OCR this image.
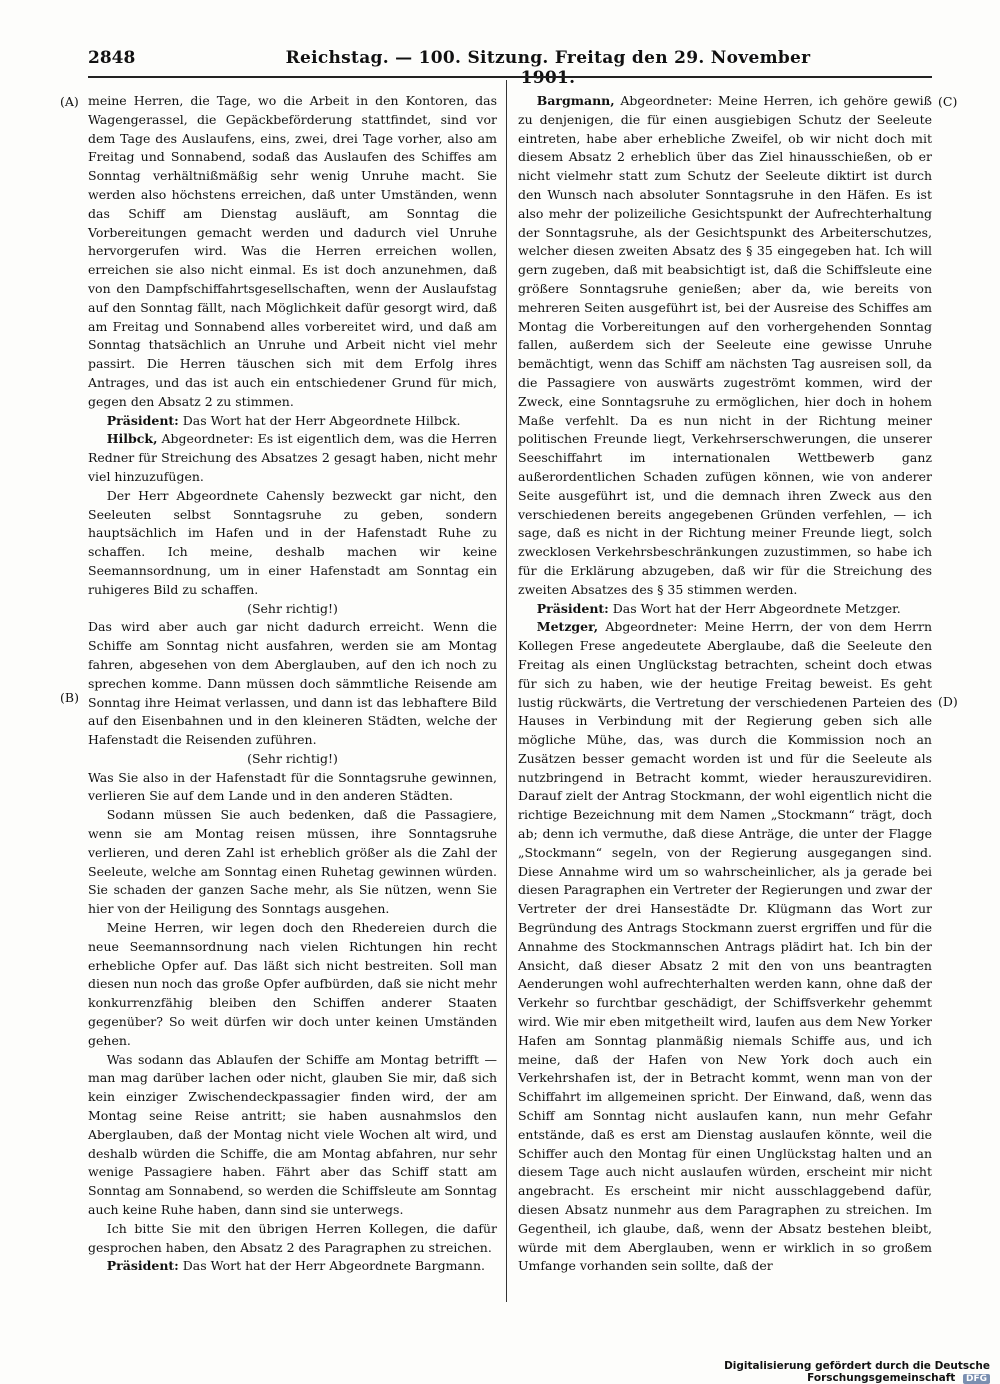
2848	Reichstag. — 100. Sitzung. Freitag den 29. November 1901.
(A)
(B)
(C)
(D)

meine Herren, die Tage, wo die Arbeit in den Kontoren, das Wagengerassel, die Gepäckbeförderung stattfindet, sind vor dem Tage des Auslaufens, eins, zwei, drei Tage vorher, also am Freitag und Sonnabend, sodaß das Auslaufen des Schiffes am Sonntag verhältnißmäßig sehr wenig Unruhe macht. Sie werden also höchstens erreichen, daß unter Umständen, wenn das Schiff am Dienstag ausläuft, am Sonntag die Vorbereitungen gemacht werden und dadurch viel Unruhe hervorgerufen wird. Was die Herren erreichen wollen, erreichen sie also nicht einmal. Es ist doch anzunehmen, daß von den Dampfschiffahrtsgesellschaften, wenn der Auslaufstag auf den Sonntag fällt, nach Möglichkeit dafür gesorgt wird, daß am Freitag und Sonnabend alles vorbereitet wird, und daß am Sonntag thatsächlich an Unruhe und Arbeit nicht viel mehr passirt. Die Herren täuschen sich mit dem Erfolg ihres Antrages, und das ist auch ein entschiedener Grund für mich, gegen den Absatz 2 zu stimmen.

Präsident: Das Wort hat der Herr Abgeordnete Hilbck.

Hilbck, Abgeordneter: Es ist eigentlich dem, was die Herren Redner für Streichung des Absatzes 2 gesagt haben, nicht mehr viel hinzuzufügen.

Der Herr Abgeordnete Cahensly bezweckt gar nicht, den Seeleuten selbst Sonntagsruhe zu geben, sondern hauptsächlich im Hafen und in der Hafenstadt Ruhe zu schaffen. Ich meine, deshalb machen wir keine Seemannsordnung, um in einer Hafenstadt am Sonntag ein ruhigeres Bild zu schaffen.

(Sehr richtig!)

Das wird aber auch gar nicht dadurch erreicht. Wenn die Schiffe am Sonntag nicht ausfahren, werden sie am Montag fahren, abgesehen von dem Aberglauben, auf den ich noch zu sprechen komme. Dann müssen doch sämmtliche Reisende am Sonntag ihre Heimat verlassen, und dann ist das lebhaftere Bild auf den Eisenbahnen und in den kleineren Städten, welche der Hafenstadt die Reisenden zuführen.

(Sehr richtig!)

Was Sie also in der Hafenstadt für die Sonntagsruhe gewinnen, verlieren Sie auf dem Lande und in den anderen Städten.

Sodann müssen Sie auch bedenken, daß die Passagiere, wenn sie am Montag reisen müssen, ihre Sonntagsruhe verlieren, und deren Zahl ist erheblich größer als die Zahl der Seeleute, welche am Sonntag einen Ruhetag gewinnen würden. Sie schaden der ganzen Sache mehr, als Sie nützen, wenn Sie hier von der Heiligung des Sonntags ausgehen.

Meine Herren, wir legen doch den Rhedereien durch die neue Seemannsordnung nach vielen Richtungen hin recht erhebliche Opfer auf. Das läßt sich nicht bestreiten. Soll man diesen nun noch das große Opfer aufbürden, daß sie nicht mehr konkurrenzfähig bleiben den Schiffen anderer Staaten gegenüber? So weit dürfen wir doch unter keinen Umständen gehen.

Was sodann das Ablaufen der Schiffe am Montag betrifft — man mag darüber lachen oder nicht, glauben Sie mir, daß sich kein einziger Zwischendeckpassagier finden wird, der am Montag seine Reise antritt; sie haben ausnahmslos den Aberglauben, daß der Montag nicht viele Wochen alt wird, und deshalb würden die Schiffe, die am Montag abfahren, nur sehr wenige Passagiere haben. Fährt aber das Schiff statt am Sonntag am Sonnabend, so werden die Schiffsleute am Sonntag auch keine Ruhe haben, dann sind sie unterwegs.

Ich bitte Sie mit den übrigen Herren Kollegen, die dafür gesprochen haben, den Absatz 2 des Paragraphen zu streichen.

Präsident: Das Wort hat der Herr Abgeordnete Bargmann.

Bargmann, Abgeordneter: Meine Herren, ich gehöre gewiß zu denjenigen, die für einen ausgiebigen Schutz der Seeleute eintreten, habe aber erhebliche Zweifel, ob wir nicht doch mit diesem Absatz 2 erheblich über das Ziel hinausschießen, ob er nicht vielmehr statt zum Schutz der Seeleute diktirt ist durch den Wunsch nach absoluter Sonntagsruhe in den Häfen. Es ist also mehr der polizeiliche Gesichtspunkt der Aufrechterhaltung der Sonntagsruhe, als der Gesichtspunkt des Arbeiterschutzes, welcher diesen zweiten Absatz des § 35 eingegeben hat. Ich will gern zugeben, daß mit beabsichtigt ist, daß die Schiffsleute eine größere Sonntagsruhe genießen; aber da, wie bereits von mehreren Seiten ausgeführt ist, bei der Ausreise des Schiffes am Montag die Vorbereitungen auf den vorhergehenden Sonntag fallen, außerdem sich der Seeleute eine gewisse Unruhe bemächtigt, wenn das Schiff am nächsten Tag ausreisen soll, da die Passagiere von auswärts zugeströmt kommen, wird der Zweck, eine Sonntagsruhe zu ermöglichen, hier doch in hohem Maße verfehlt. Da es nun nicht in der Richtung meiner politischen Freunde liegt, Verkehrserschwerungen, die unserer Seeschiffahrt im internationalen Wettbewerb ganz außerordentlichen Schaden zufügen können, wie von anderer Seite ausgeführt ist, und die demnach ihren Zweck aus den verschiedenen bereits angegebenen Gründen verfehlen, — ich sage, daß es nicht in der Richtung meiner Freunde liegt, solch zwecklosen Verkehrsbeschränkungen zuzustimmen, so habe ich für die Erklärung abzugeben, daß wir für die Streichung des zweiten Absatzes des § 35 stimmen werden.

Präsident: Das Wort hat der Herr Abgeordnete Metzger.

Metzger, Abgeordneter: Meine Herrn, der von dem Herrn Kollegen Frese angedeutete Aberglaube, daß die Seeleute den Freitag als einen Unglückstag betrachten, scheint doch etwas für sich zu haben, wie der heutige Freitag beweist. Es geht lustig rückwärts, die Vertretung der verschiedenen Parteien des Hauses in Verbindung mit der Regierung geben sich alle mögliche Mühe, das, was durch die Kommission noch an Zusätzen besser gemacht worden ist und für die Seeleute als nutzbringend in Betracht kommt, wieder herauszurevidiren. Darauf zielt der Antrag Stockmann, der wohl eigentlich nicht die richtige Bezeichnung mit dem Namen „Stockmann“ trägt, doch ab; denn ich vermuthe, daß diese Anträge, die unter der Flagge „Stockmann“ segeln, von der Regierung ausgegangen sind. Diese Annahme wird um so wahrscheinlicher, als ja gerade bei diesen Paragraphen ein Vertreter der Regierungen und zwar der Vertreter der drei Hansestädte Dr. Klügmann das Wort zur Begründung des Antrags Stockmann zuerst ergriffen und für die Annahme des Stockmannschen Antrags plädirt hat. Ich bin der Ansicht, daß dieser Absatz 2 mit den von uns beantragten Aenderungen wohl aufrechterhalten werden kann, ohne daß der Verkehr so furchtbar geschädigt, der Schiffsverkehr gehemmt wird. Wie mir eben mitgetheilt wird, laufen aus dem New Yorker Hafen am Sonntag planmäßig niemals Schiffe aus, und ich meine, daß der Hafen von New York doch auch ein Verkehrshafen ist, der in Betracht kommt, wenn man von der Schiffahrt im allgemeinen spricht. Der Einwand, daß, wenn das Schiff am Sonntag nicht auslaufen kann, nun mehr Gefahr entstände, daß es erst am Dienstag auslaufen könnte, weil die Schiffer auch den Montag für einen Unglückstag halten und an diesem Tage auch nicht auslaufen würden, erscheint mir nicht angebracht. Es erscheint mir nicht ausschlaggebend dafür, diesen Absatz nunmehr aus dem Paragraphen zu streichen. Im Gegentheil, ich glaube, daß, wenn der Absatz bestehen bleibt, würde mit dem Aberglauben, wenn er wirklich in so großem Umfange vorhanden sein sollte, daß der

Digitalisierung gefördert durch die Deutsche Forschungsgemeinschaft DFG
